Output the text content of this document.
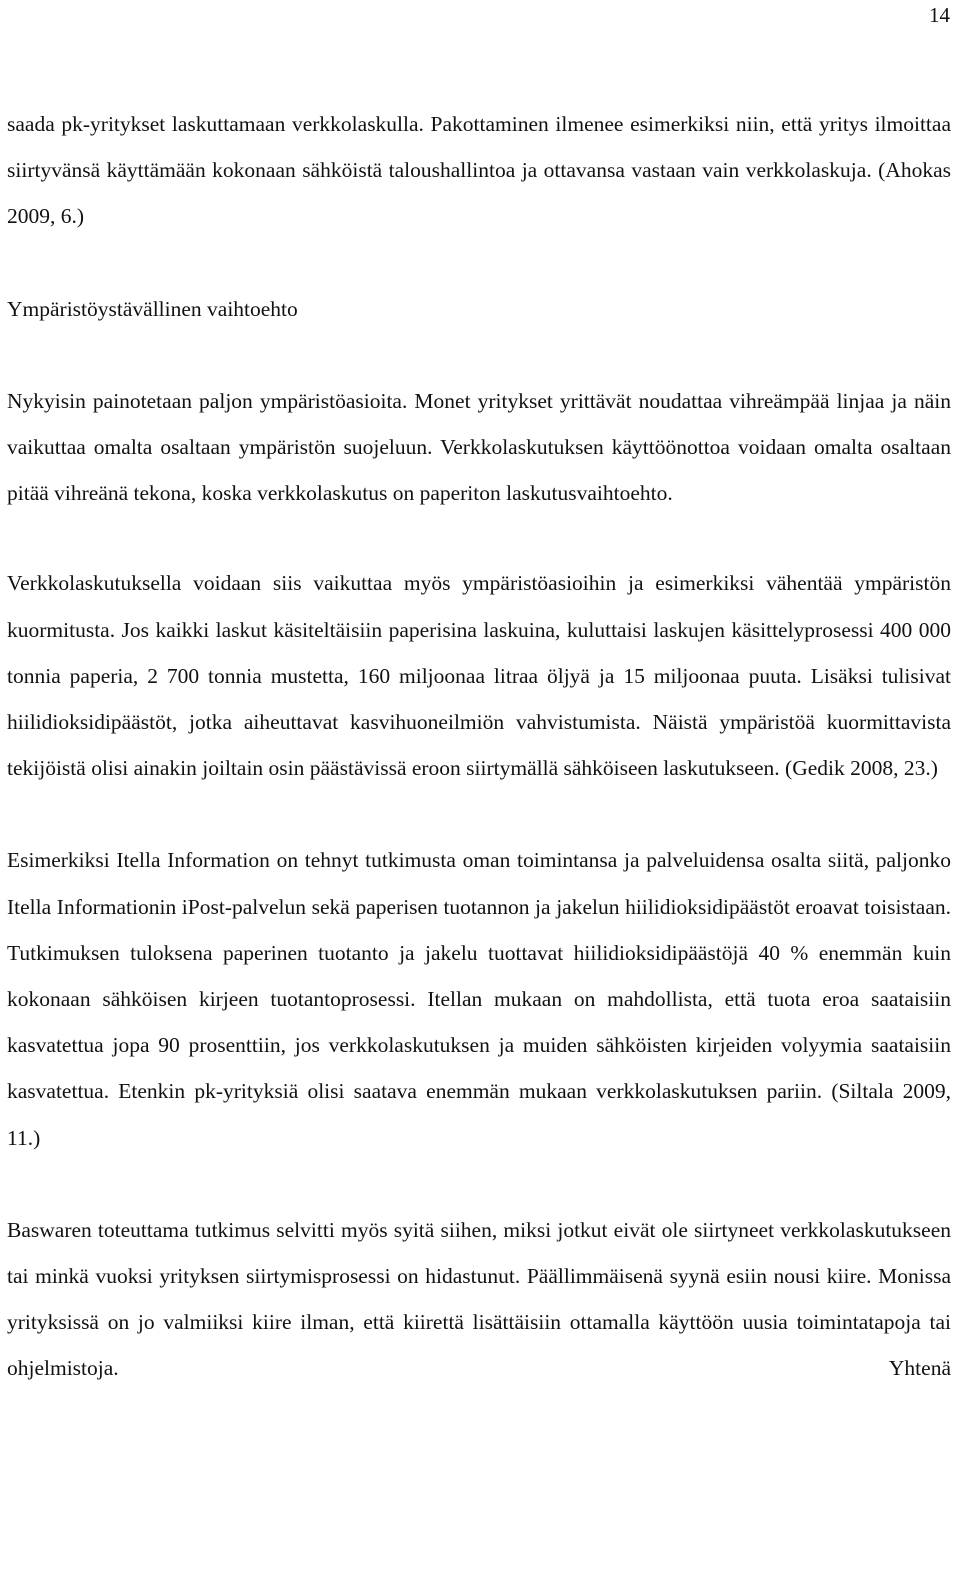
14

saada pk-yritykset laskuttamaan verkkolaskulla. Pakottaminen ilmenee esimerkiksi niin, että yritys ilmoittaa siirtyvänsä käyttämään kokonaan sähköistä taloushallintoa ja ottavansa vastaan vain verkkolaskuja. (Ahokas 2009, 6.)

Ympäristöystävällinen vaihtoehto

Nykyisin painotetaan paljon ympäristöasioita. Monet yritykset yrittävät noudattaa vihreämpää linjaa ja näin vaikuttaa omalta osaltaan ympäristön suojeluun. Verkkolaskutuksen käyttöönottoa voidaan omalta osaltaan pitää vihreänä tekona, koska verkkolaskutus on paperiton laskutusvaihtoehto.

Verkkolaskutuksella voidaan siis vaikuttaa myös ympäristöasioihin ja esimerkiksi vähentää ympäristön kuormitusta. Jos kaikki laskut käsiteltäisiin paperisina laskuina, kuluttaisi laskujen käsittelyprosessi 400 000 tonnia paperia, 2 700 tonnia mustetta, 160 miljoonaa litraa öljyä ja 15 miljoonaa puuta. Lisäksi tulisivat hiilidioksidipäästöt, jotka aiheuttavat kasvihuoneilmiön vahvistumista. Näistä ympäristöä kuormittavista tekijöistä olisi ainakin joiltain osin päästävissä eroon siirtymällä sähköiseen laskutukseen. (Gedik 2008, 23.)

Esimerkiksi Itella Information on tehnyt tutkimusta oman toimintansa ja palveluidensa osalta siitä, paljonko Itella Informationin iPost-palvelun sekä paperisen tuotannon ja jakelun hiilidioksidipäästöt eroavat toisistaan. Tutkimuksen tuloksena paperinen tuotanto ja jakelu tuottavat hiilidioksidipäästöjä 40 % enemmän kuin kokonaan sähköisen kirjeen tuotantoprosessi. Itellan mukaan on mahdollista, että tuota eroa saataisiin kasvatettua jopa 90 prosenttiin, jos verkkolaskutuksen ja muiden sähköisten kirjeiden volyymia saataisiin kasvatettua. Etenkin pk-yrityksiä olisi saatava enemmän mukaan verkkolaskutuksen pariin. (Siltala 2009, 11.)

Baswaren toteuttama tutkimus selvitti myös syitä siihen, miksi jotkut eivät ole siirtyneet verkkolaskutukseen tai minkä vuoksi yrityksen siirtymisprosessi on hidastunut. Päällimmäisenä syynä esiin nousi kiire. Monissa yrityksissä on jo valmiiksi kiire ilman, että kiirettä lisättäisiin ottamalla käyttöön uusia toimintatapoja tai ohjelmistoja. Yhtenä
